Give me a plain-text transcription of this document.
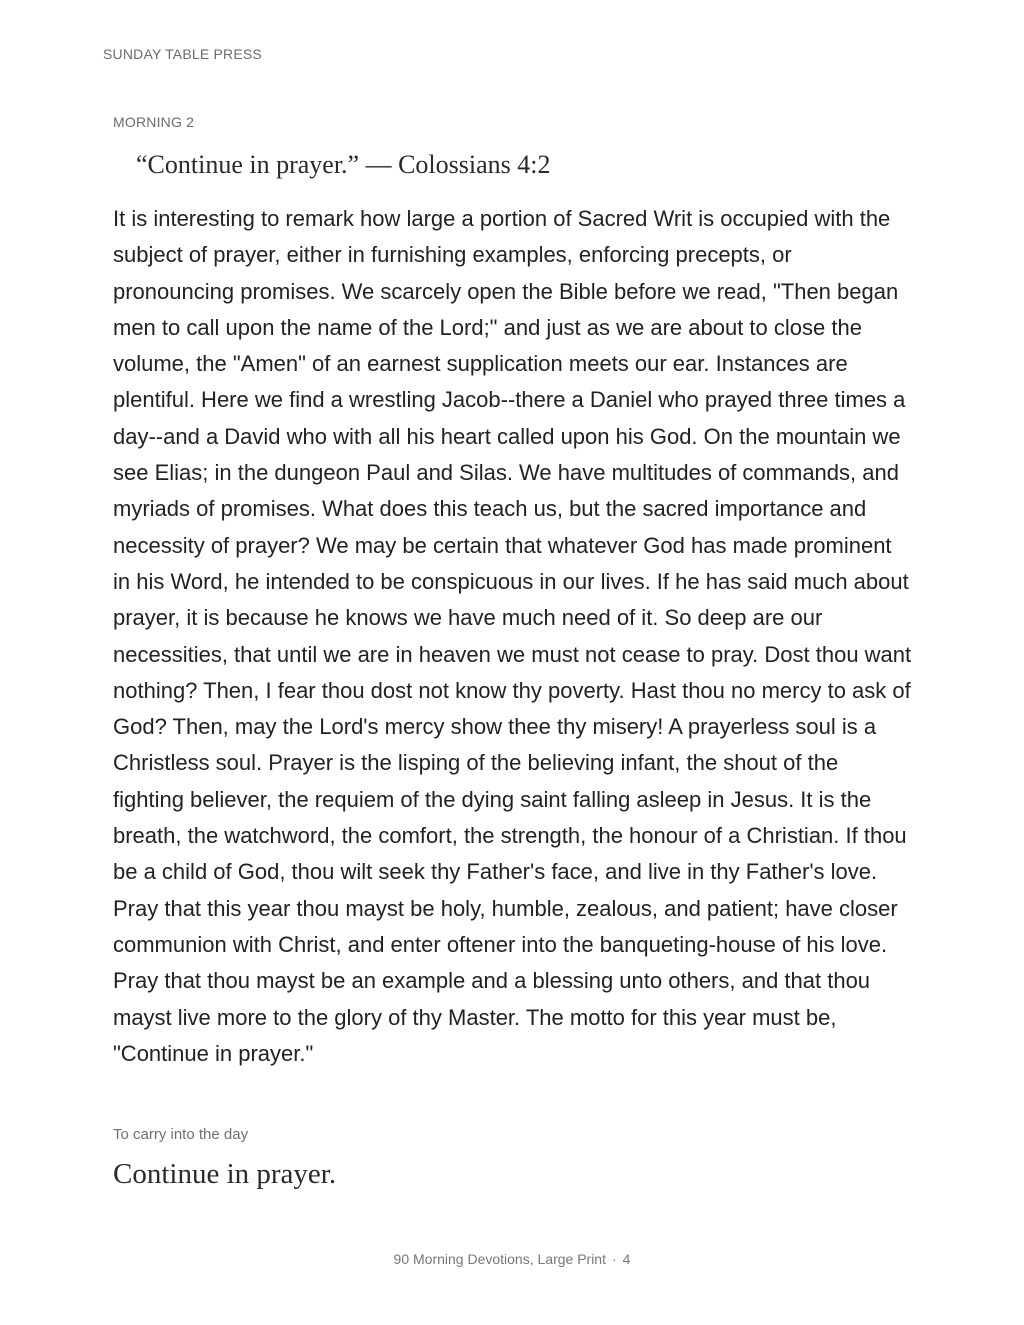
SUNDAY TABLE PRESS
MORNING 2
“Continue in prayer.” — Colossians 4:2

It is interesting to remark how large a portion of Sacred Writ is occupied with the subject of prayer, either in furnishing examples, enforcing precepts, or pronouncing promises. We scarcely open the Bible before we read, "Then began men to call upon the name of the Lord;" and just as we are about to close the volume, the "Amen" of an earnest supplication meets our ear. Instances are plentiful. Here we find a wrestling Jacob--there a Daniel who prayed three times a day--and a David who with all his heart called upon his God. On the mountain we see Elias; in the dungeon Paul and Silas. We have multitudes of commands, and myriads of promises. What does this teach us, but the sacred importance and necessity of prayer? We may be certain that whatever God has made prominent in his Word, he intended to be conspicuous in our lives. If he has said much about prayer, it is because he knows we have much need of it. So deep are our necessities, that until we are in heaven we must not cease to pray. Dost thou want nothing? Then, I fear thou dost not know thy poverty. Hast thou no mercy to ask of God? Then, may the Lord's mercy show thee thy misery! A prayerless soul is a Christless soul. Prayer is the lisping of the believing infant, the shout of the fighting believer, the requiem of the dying saint falling asleep in Jesus. It is the breath, the watchword, the comfort, the strength, the honour of a Christian. If thou be a child of God, thou wilt seek thy Father's face, and live in thy Father's love. Pray that this year thou mayst be holy, humble, zealous, and patient; have closer communion with Christ, and enter oftener into the banqueting-house of his love. Pray that thou mayst be an example and a blessing unto others, and that thou mayst live more to the glory of thy Master. The motto for this year must be, "Continue in prayer."

To carry into the day
Continue in prayer.
90 Morning Devotions, Large Print · 4
